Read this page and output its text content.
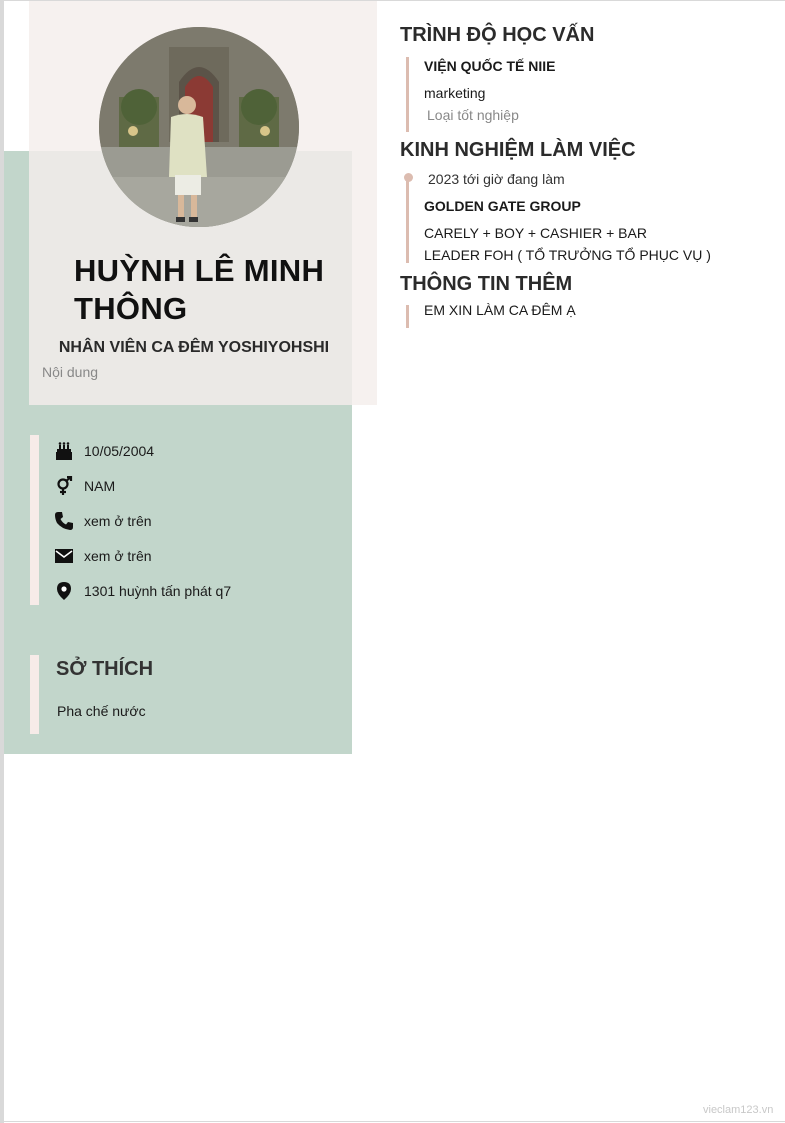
HUỲNH LÊ MINH THÔNG
NHÂN VIÊN CA ĐÊM YOSHIYOHSHI
Nội dung
10/05/2004
NAM
xem ở trên
xem ở trên
1301 huỳnh tấn phát q7
SỞ THÍCH
Pha chế nước
TRÌNH ĐỘ HỌC VẤN
VIỆN QUỐC TẾ NIIE
marketing
Loại tốt nghiệp
KINH NGHIỆM LÀM VIỆC
2023 tới giờ đang làm
GOLDEN GATE GROUP
CARELY + BOY + CASHIER + BAR
LEADER FOH ( TỔ TRƯỞNG TỔ PHỤC VỤ )
THÔNG TIN THÊM
EM XIN LÀM CA ĐÊM Ạ
vieclam123.vn
